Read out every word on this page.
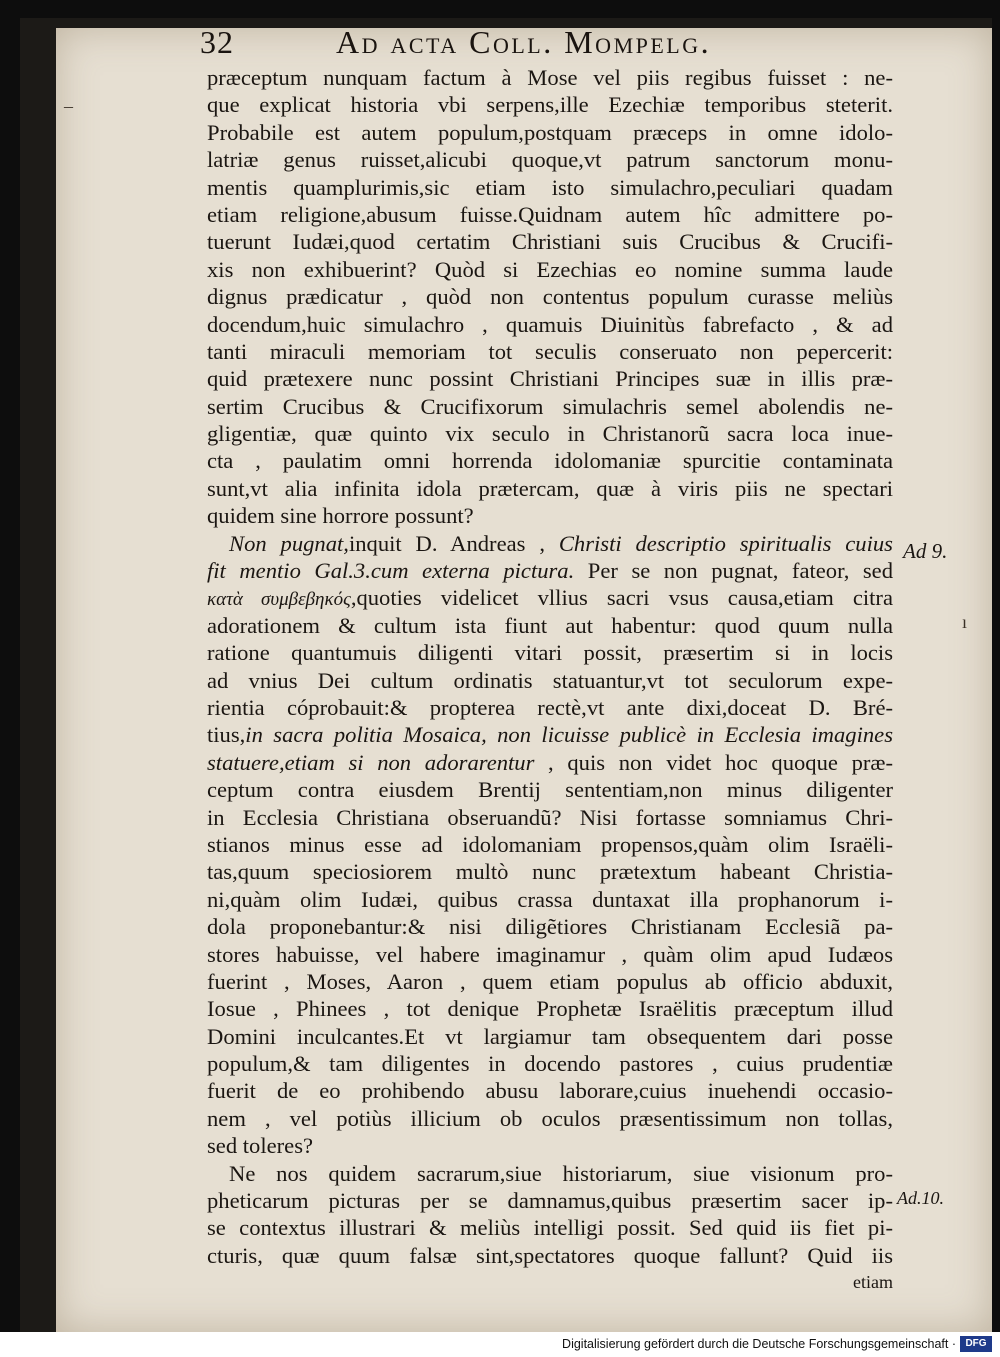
32	Ad acta Coll. Mompelg.
præceptum nunquam factum à Mose vel piis regibus fuisset : ne-
que explicat historia vbi serpens,ille Ezechiæ temporibus steterit.
Probabile est autem populum,postquam præceps in omne idolo-
latriæ genus ruisset,alicubi quoque,vt patrum sanctorum monu-
mentis quamplurimis,sic etiam isto simulachro,peculiari quadam
etiam religione,abusum fuisse.Quidnam autem hîc admittere po-
tuerunt Iudæi,quod certatim Christiani suis Crucibus & Crucifi-
xis non exhibuerint? Quòd si Ezechias eo nomine summa laude
dignus prædicatur , quòd non contentus populum curasse meliùs
docendum,huic simulachro , quamuis Diuinitùs fabrefacto , & ad
tanti miraculi memoriam tot seculis conseruato non pepercerit:
quid prætexere nunc possint Christiani Principes suæ in illis præ-
sertim Crucibus & Crucifixorum simulachris semel abolendis ne-
gligentiæ, quæ quinto vix seculo in Christanorũ sacra loca inue-
cta , paulatim omni horrenda idolomaniæ spurcitie contaminata
sunt,vt alia infinita idola prætercam, quæ à viris piis ne spectari
quidem sine horrore possunt?
Non pugnat,inquit D. Andreas , Christi descriptio spiritualis cuius
fit mentio Gal.3.cum externa pictura. Per se non pugnat, fateor, sed
κατὰ συμβεβηκός,quoties videlicet vllius sacri vsus causa,etiam citra
adorationem & cultum ista fiunt aut habentur: quod quum nulla
ratione quantumuis diligenti vitari possit, præsertim si in locis
ad vnius Dei cultum ordinatis statuantur,vt tot seculorum expe-
rientia cóprobauit:& propterea rectè,vt ante dixi,doceat D. Bré-
tius,in sacra politia Mosaica, non licuisse publicè in Ecclesia imagines
statuere,etiam si non adorarentur , quis non videt hoc quoque præ-
ceptum contra eiusdem Brentij sententiam,non minus diligenter
in Ecclesia Christiana obseruandũ? Nisi fortasse somniamus Chri-
stianos minus esse ad idolomaniam propensos,quàm olim Israëli-
tas,quum speciosiorem multò nunc prætextum habeant Christia-
ni,quàm olim Iudæi, quibus crassa duntaxat illa prophanorum i-
dola proponebantur:& nisi diligẽtiores Christianam Ecclesiã pa-
stores habuisse, vel habere imaginamur , quàm olim apud Iudæos
fuerint , Moses, Aaron , quem etiam populus ab officio abduxit,
Iosue , Phinees , tot denique Prophetæ Israëlitis præceptum illud
Domini inculcantes.Et vt largiamur tam obsequentem dari posse
populum,& tam diligentes in docendo pastores , cuius prudentiæ
fuerit de eo prohibendo abusu laborare,cuius inuehendi occasio-
nem , vel potiùs illicium ob oculos præsentissimum non tollas,
sed toleres?
Ne nos quidem sacrarum,siue historiarum, siue visionum pro-
pheticarum picturas per se damnamus,quibus præsertim sacer ip-
se contextus illustrari & meliùs intelligi possit. Sed quid iis fiet pi-
cturis, quæ quum falsæ sint,spectatores quoque fallunt? Quid iis
etiam
Ad 9.
Ad.10.
–
ı
Digitalisierung gefördert durch die Deutsche Forschungsgemeinschaft · DFG
